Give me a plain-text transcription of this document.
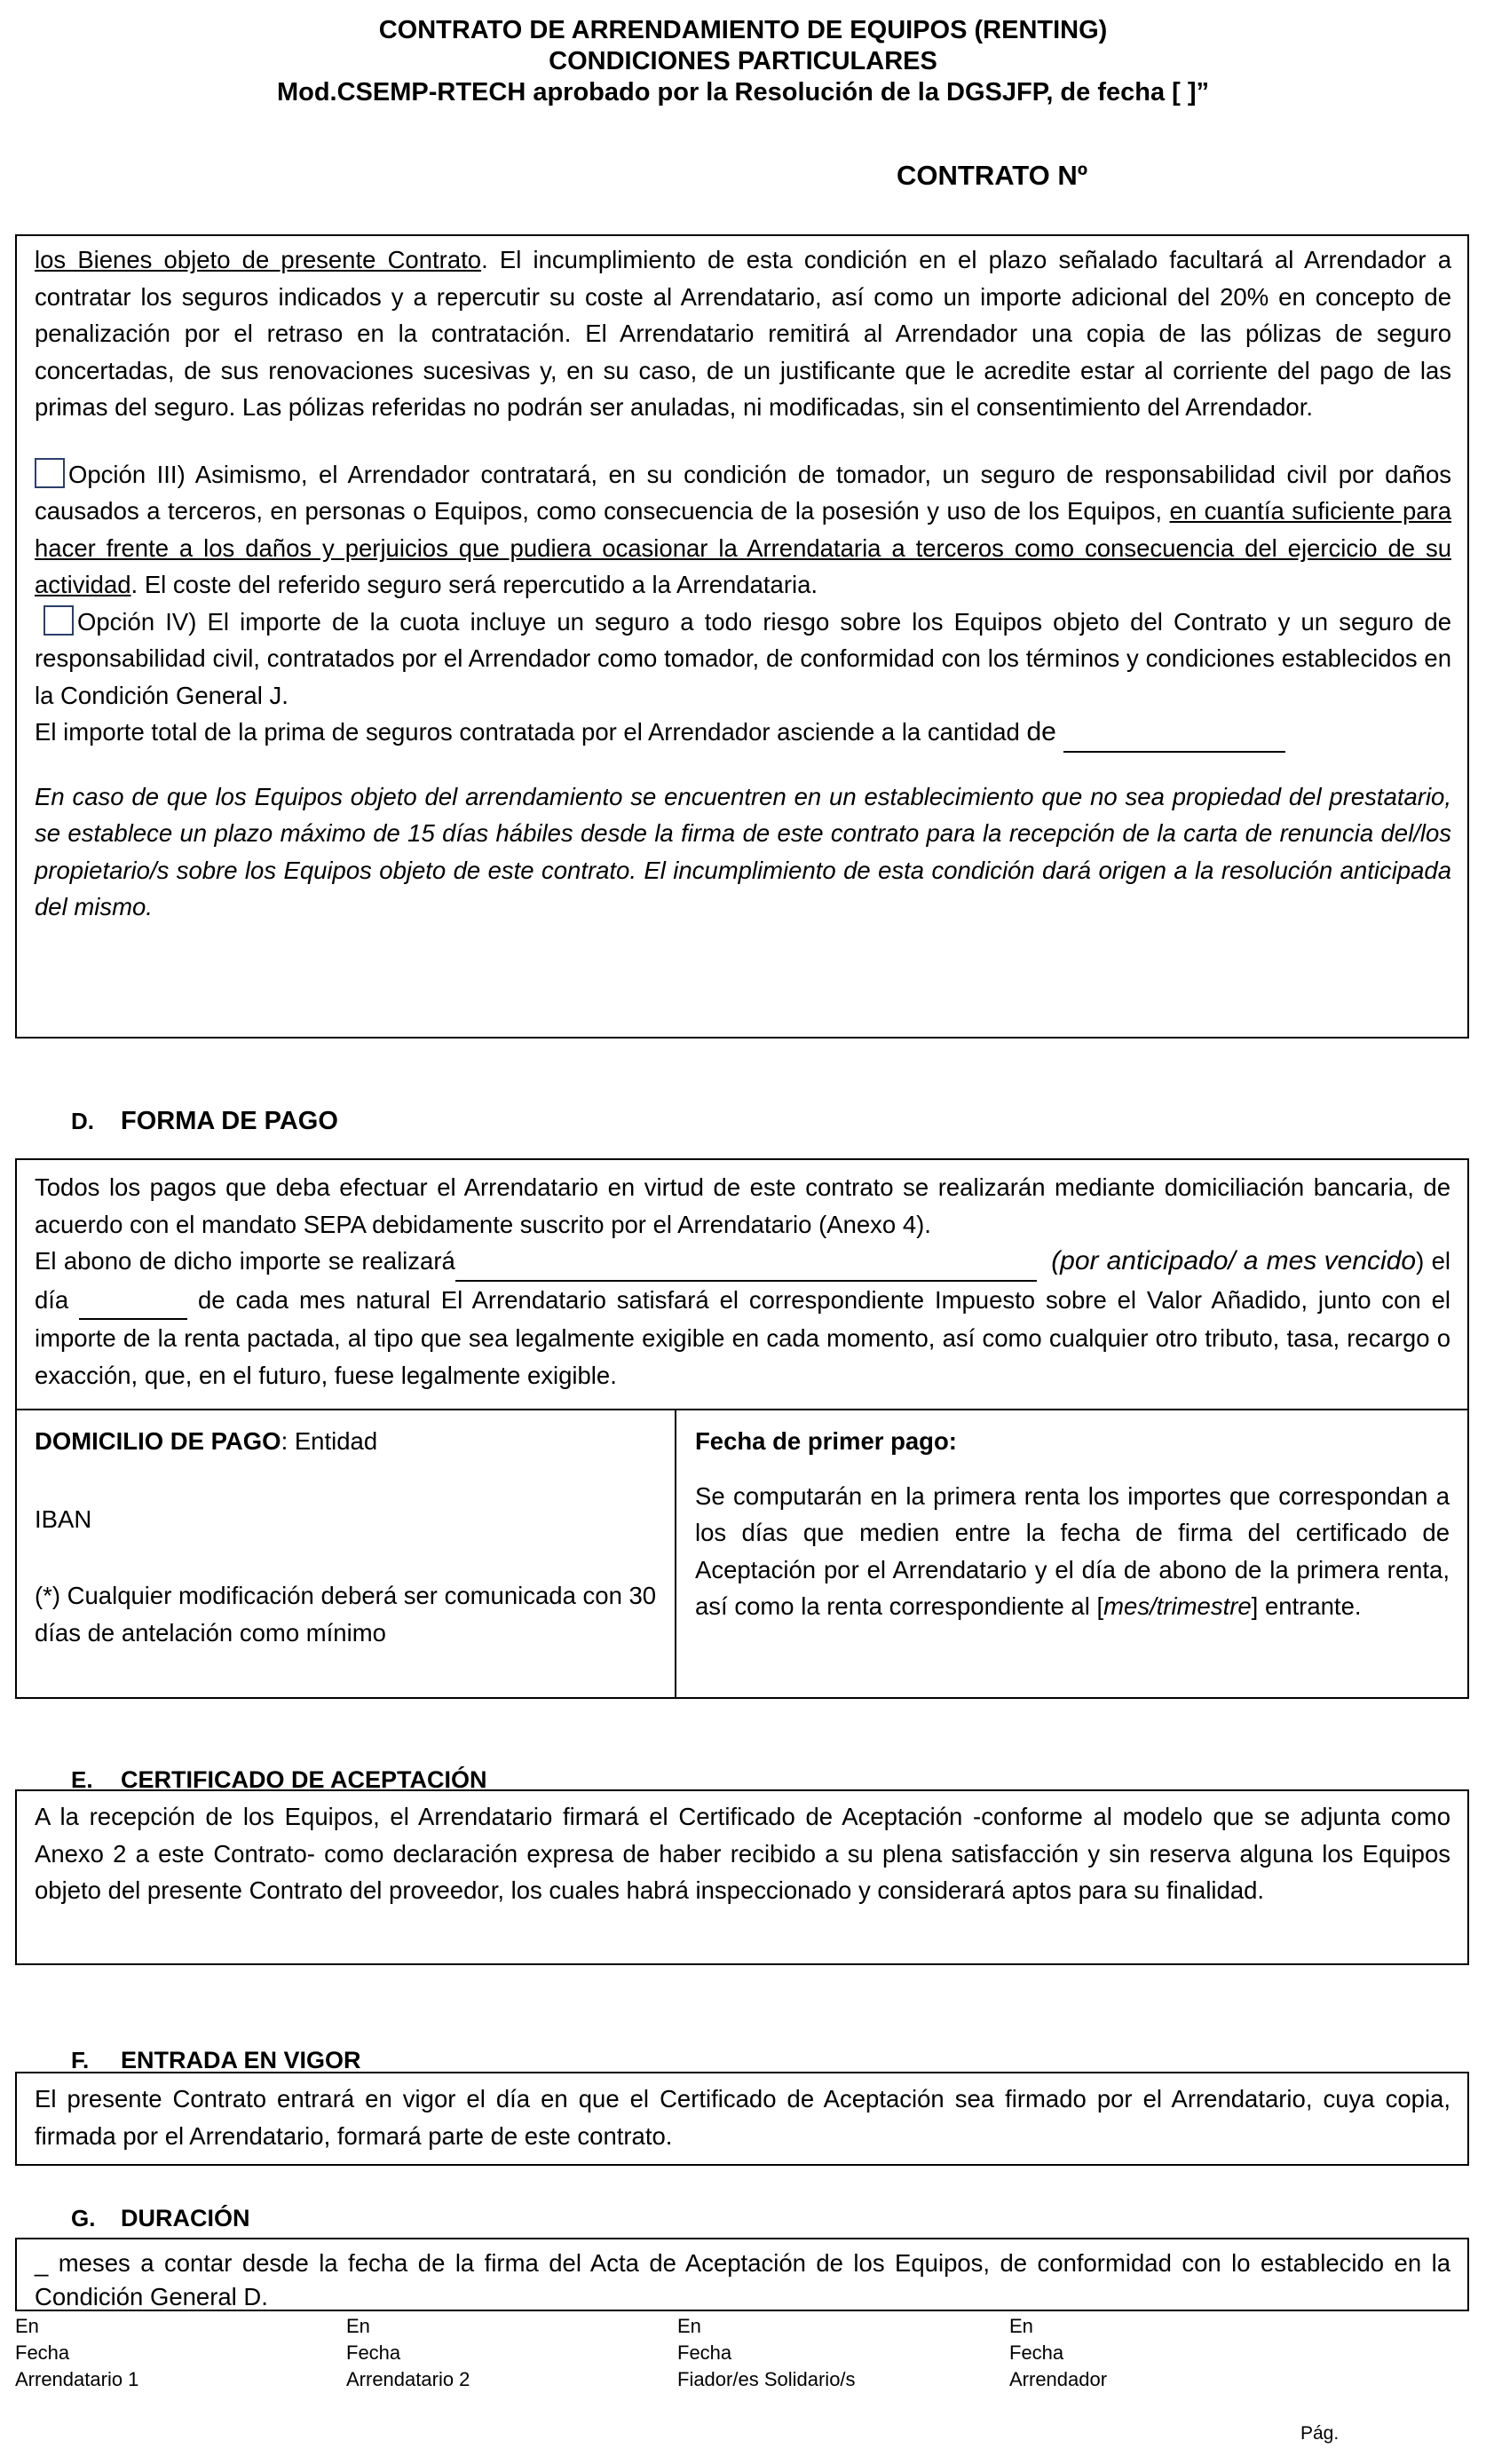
CONTRATO DE ARRENDAMIENTO DE EQUIPOS (RENTING)
CONDICIONES PARTICULARES
Mod.CSEMP-RTECH aprobado por la Resolución de la DGSJFP, de fecha [ ]”
CONTRATO Nº

los Bienes objeto de presente Contrato. El incumplimiento de esta condición en el plazo señalado facultará al Arrendador a contratar los seguros indicados y a repercutir su coste al Arrendatario, así como un importe adicional del 20% en concepto de penalización por el retraso en la contratación. El Arrendatario remitirá al Arrendador una copia de las pólizas de seguro concertadas, de sus renovaciones sucesivas y, en su caso, de un justificante que le acredite estar al corriente del pago de las primas del seguro. Las pólizas referidas no podrán ser anuladas, ni modificadas, sin el consentimiento del Arrendador.

Opción III) Asimismo, el Arrendador contratará, en su condición de tomador, un seguro de responsabilidad civil por daños causados a terceros, en personas o Equipos, como consecuencia de la posesión y uso de los Equipos, en cuantía suficiente para hacer frente a los daños y perjuicios que pudiera ocasionar la Arrendataria a terceros como consecuencia del ejercicio de su actividad. El coste del referido seguro será repercutido a la Arrendataria.

Opción IV) El importe de la cuota incluye un seguro a todo riesgo sobre los Equipos objeto del Contrato y un seguro de responsabilidad civil, contratados por el Arrendador como tomador, de conformidad con los términos y condiciones establecidos en la Condición General J.

El importe total de la prima de seguros contratada por el Arrendador asciende a la cantidad de

En caso de que los Equipos objeto del arrendamiento se encuentren en un establecimiento que no sea propiedad del prestatario, se establece un plazo máximo de 15 días hábiles desde la firma de este contrato para la recepción de la carta de renuncia del/los propietario/s sobre los Equipos objeto de este contrato. El incumplimiento de esta condición dará origen a la resolución anticipada del mismo.

D. FORMA DE PAGO

Todos los pagos que deba efectuar el Arrendatario en virtud de este contrato se realizarán mediante domiciliación bancaria, de acuerdo con el mandato SEPA debidamente suscrito por el Arrendatario (Anexo 4).

El abono de dicho importe se realizará	(por anticipado/ a mes vencido) el día	de cada mes natural El Arrendatario satisfará el correspondiente Impuesto sobre el Valor Añadido, junto con el importe de la renta pactada, al tipo que sea legalmente exigible en cada momento, así como cualquier otro tributo, tasa, recargo o exacción, que, en el futuro, fuese legalmente exigible.

DOMICILIO DE PAGO: Entidad

IBAN

(*) Cualquier modificación deberá ser comunicada con 30 días de antelación como mínimo

Fecha de primer pago:

Se computarán en la primera renta los importes que correspondan a los días que medien entre la fecha de firma del certificado de Aceptación por el Arrendatario y el día de abono de la primera renta, así como la renta correspondiente al [mes/trimestre] entrante.

E. CERTIFICADO DE ACEPTACIÓN

A la recepción de los Equipos, el Arrendatario firmará el Certificado de Aceptación -conforme al modelo que se adjunta como Anexo 2 a este Contrato- como declaración expresa de haber recibido a su plena satisfacción y sin reserva alguna los Equipos objeto del presente Contrato del proveedor, los cuales habrá inspeccionado y considerará aptos para su finalidad.

F. ENTRADA EN VIGOR

El presente Contrato entrará en vigor el día en que el Certificado de Aceptación sea firmado por el Arrendatario, cuya copia, firmada por el Arrendatario, formará parte de este contrato.

G. DURACIÓN

_ meses a contar desde la fecha de la firma del Acta de Aceptación de los Equipos, de conformidad con lo establecido en la Condición General D.

En
Fecha
Arrendatario 1
En
Fecha
Arrendatario 2
En
Fecha
Fiador/es Solidario/s
En
Fecha
Arrendador
Pág.
